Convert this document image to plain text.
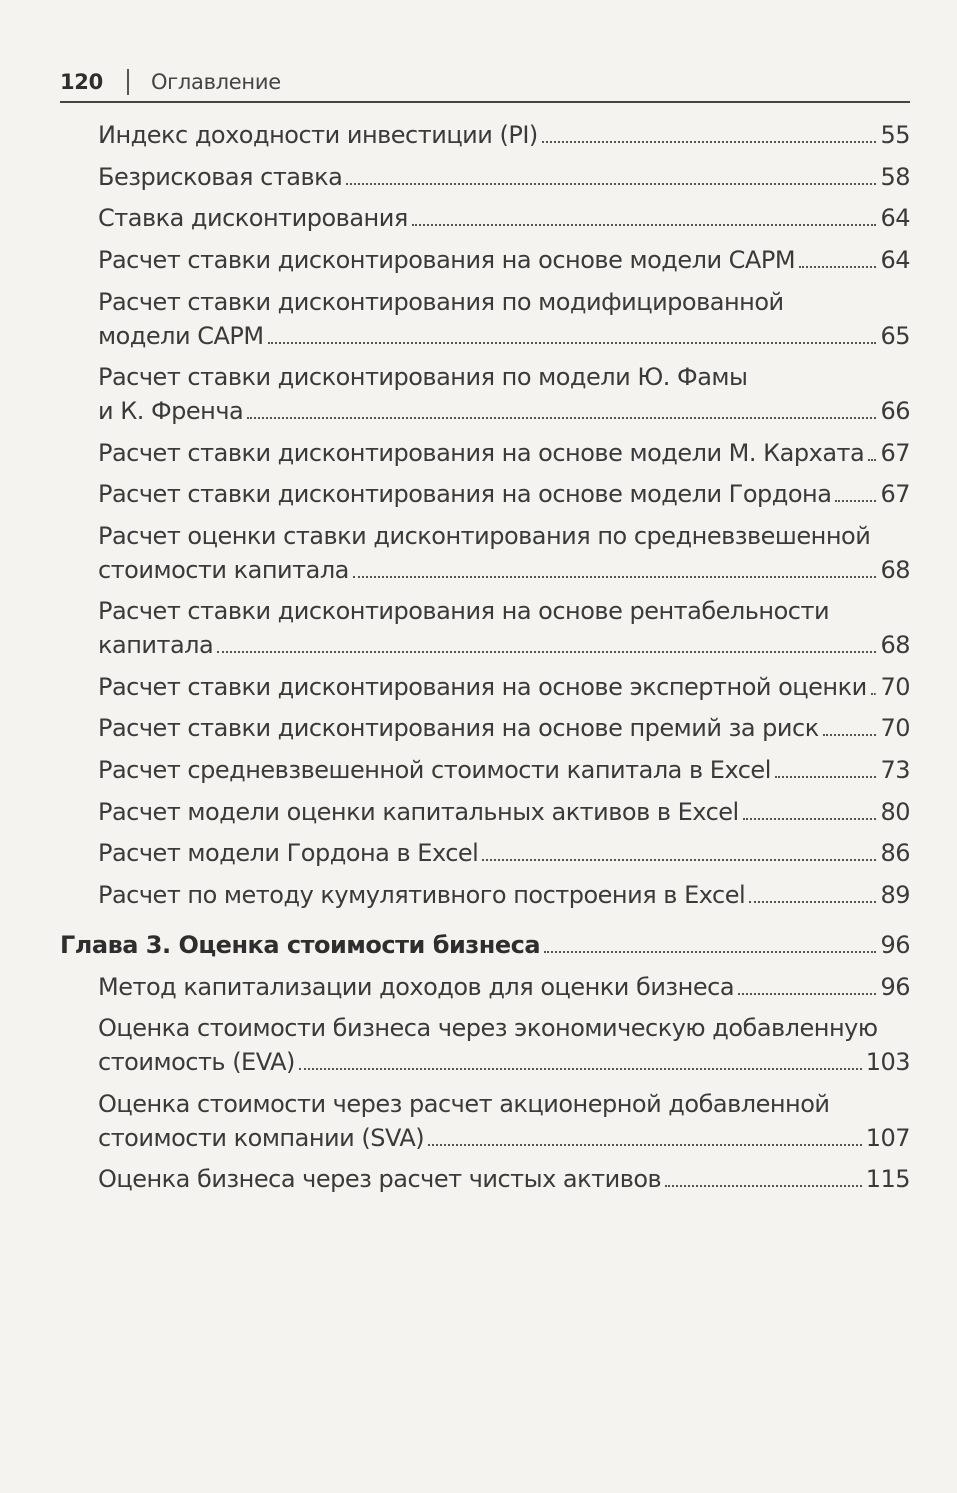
120 Оглавление
Индекс доходности инвестиции (PI)	55
Безрисковая ставка	58
Ставка дисконтирования	64
Расчет ставки дисконтирования на основе модели CAPM	64
Расчет ставки дисконтирования по модифицированной
модели CAPM	65
Расчет ставки дисконтирования по модели Ю. Фамы
и К. Френча	66
Расчет ставки дисконтирования на основе модели М. Кархата 67
Расчет ставки дисконтирования на основе модели Гордона 67
Расчет оценки ставки дисконтирования по средневзвешенной
стоимости капитала	68
Расчет ставки дисконтирования на основе рентабельности
капитала	68
Расчет ставки дисконтирования на основе экспертной оценки 70
Расчет ставки дисконтирования на основе премий за риск	70
Расчет средневзвешенной стоимости капитала в Excel	73
Расчет модели оценки капитальных активов в Excel	80
Расчет модели Гордона в Excel	86
Расчет по методу кумулятивного построения в Excel	89
Глава 3. Оценка стоимости бизнеса	96
Метод капитализации доходов для оценки бизнеса	96
Оценка стоимости бизнеса через экономическую добавленную
стоимость (EVA)	103
Оценка стоимости через расчет акционерной добавленной
стоимости компании (SVA)	107
Оценка бизнеса через расчет чистых активов	115
